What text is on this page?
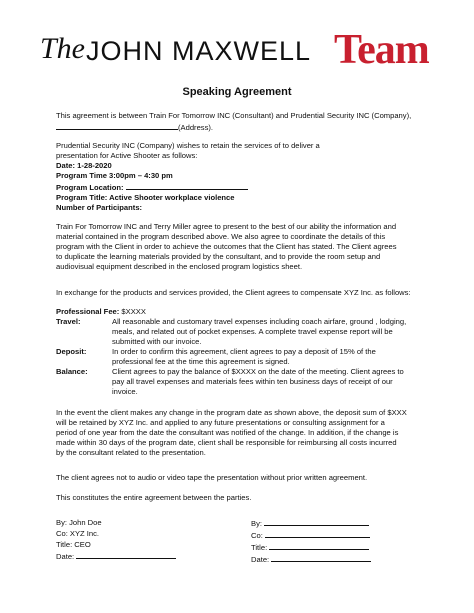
The JOHN MAXWELL Team
Speaking Agreement
This agreement is between Train For Tomorrow INC (Consultant) and Prudential Security INC (Company),
(Address).
Prudential Security INC (Company) wishes to retain the services of to deliver a
presentation for Active Shooter as follows:
Date: 1-28-2020
Program Time 3:00pm – 4:30 pm
Program Location:
Program Title: Active Shooter workplace violence
Number of Participants:
Train For Tomorrow INC and Terry Miller agree to present to the best of our ability the information and
material contained in the program described above. We also agree to coordinate the details of this
program with the Client in order to achieve the outcomes that the Client has stated. The Client agrees
to duplicate the learning materials provided by the consultant, and to provide the room setup and
audiovisual equipment described in the enclosed program logistics sheet.
In exchange for the products and services provided, the Client agrees to compensate XYZ Inc. as follows:
Professional Fee: $XXXX
Travel:	All reasonable and customary travel expenses including coach airfare, ground , lodging,
meals, and related out of pocket expenses. A complete travel expense report will be
submitted with our invoice.
Deposit:	In order to confirm this agreement, client agrees to pay a deposit of 15% of the
professional fee at the time this agreement is signed.
Balance:	Client agrees to pay the balance of $XXXX on the date of the meeting. Client agrees to
pay all travel expenses and materials fees within ten business days of receipt of our
invoice.
In the event the client makes any change in the program date as shown above, the deposit sum of $XXX
will be retained by XYZ Inc. and applied to any future presentations or consulting assignment for a
period of one year from the date the consultant was notified of the change. In addition, if the change is
made within 30 days of the program date, client shall be responsible for reimbursing all costs incurred
by the consultant related to the presentation.
The client agrees not to audio or video tape the presentation without prior written agreement.
This constitutes the entire agreement between the parties.
By: John Doe
Co: XYZ Inc.
Title: CEO
Date:
By:
Co:
Title:
Date:
